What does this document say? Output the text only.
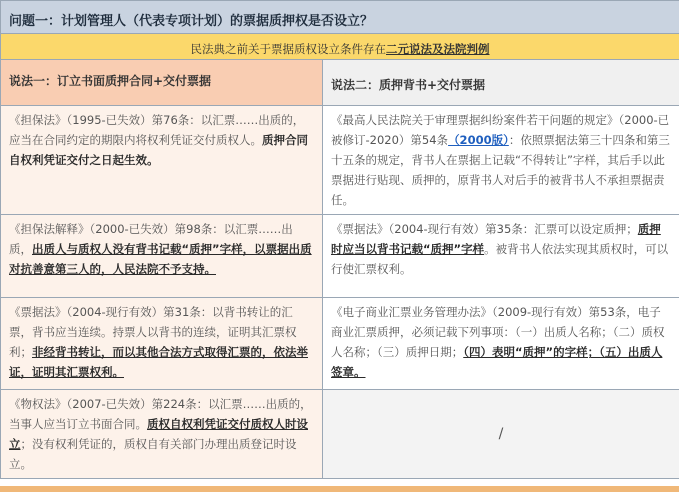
问题一：计划管理人（代表专项计划）的票据质押权是否设立？	
民法典之前关于票据质权设立条件存在二元说法及法院判例	
说法一：订立书面质押合同+交付票据	说法二：质押背书+交付票据
《担保法》（1995-已失效）第76条：以汇票……出质的，应当在合同约定的期限内将权利凭证交付质权人。质押合同自权利凭证交付之日起生效。	《最高人民法院关于审理票据纠纷案件若干问题的规定》（2000-已被修订-2020）第54条（2000版）：依照票据法第三十四条和第三十五条的规定，背书人在票据上记载“不得转让”字样，其后手以此票据进行贴现、质押的，原背书人对后手的被背书人不承担票据责任。
《担保法解释》（2000-已失效）第98条：以汇票……出质，出质人与质权人没有背书记载“质押”字样，以票据出质对抗善意第三人的，人民法院不予支持。	《票据法》（2004-现行有效）第35条：汇票可以设定质押；质押时应当以背书记载“质押”字样。被背书人依法实现其质权时，可以行使汇票权利。
《票据法》（2004-现行有效）第31条：以背书转让的汇票，背书应当连续。持票人以背书的连续，证明其汇票权利；非经背书转让，而以其他合法方式取得汇票的，依法举证，证明其汇票权利。	《电子商业汇票业务管理办法》（2009-现行有效）第53条，电子商业汇票质押，必须记载下列事项：（一）出质人名称；（二）质权人名称；（三）质押日期；（四）表明“质押”的字样；（五）出质人签章。
《物权法》（2007-已失效）第224条：以汇票……出质的，当事人应当订立书面合同。质权自权利凭证交付质权人时设立；没有权利凭证的，质权自有关部门办理出质登记时设立。	/
